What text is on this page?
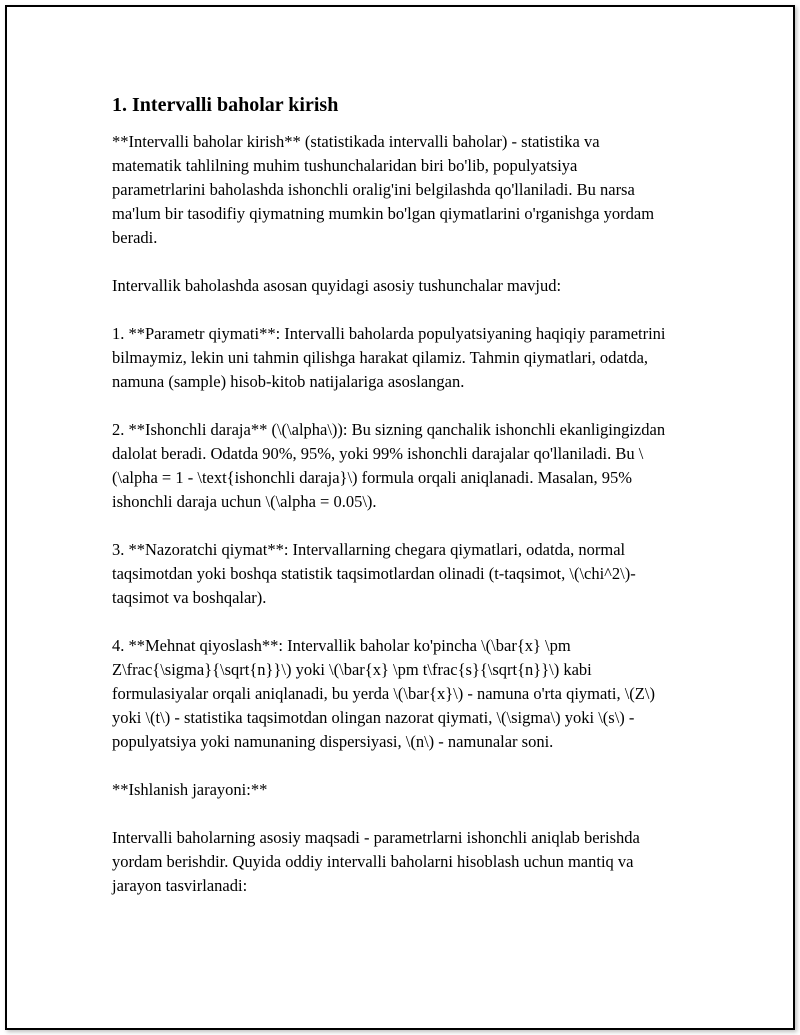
1. Intervalli baholar kirish

**Intervalli baholar kirish** (statistikada intervalli baholar) - statistika va matematik tahlilning muhim tushunchalaridan biri bo'lib, populyatsiya parametrlarini baholashda ishonchli oralig'ini belgilashda qo'llaniladi. Bu narsa ma'lum bir tasodifiy qiymatning mumkin bo'lgan qiymatlarini o'rganishga yordam beradi.

Intervallik baholashda asosan quyidagi asosiy tushunchalar mavjud:

1. **Parametr qiymati**: Intervalli baholarda populyatsiyaning haqiqiy parametrini bilmaymiz, lekin uni tahmin qilishga harakat qilamiz. Tahmin qiymatlari, odatda, namuna (sample) hisob-kitob natijalariga asoslangan.

2. **Ishonchli daraja** (\(\alpha\)): Bu sizning qanchalik ishonchli ekanligingizdan dalolat beradi. Odatda 90%, 95%, yoki 99% ishonchli darajalar qo'llaniladi. Bu \(\alpha = 1 - \text{ishonchli daraja}\) formula orqali aniqlanadi. Masalan, 95% ishonchli daraja uchun \(\alpha = 0.05\).

3. **Nazoratchi qiymat**: Intervallarning chegara qiymatlari, odatda, normal taqsimotdan yoki boshqa statistik taqsimotlardan olinadi (t-taqsimot, \(\chi^2\)-taqsimot va boshqalar).

4. **Mehnat qiyoslash**: Intervallik baholar ko'pincha \(\bar{x} \pm Z\frac{\sigma}{\sqrt{n}}\) yoki \(\bar{x} \pm t\frac{s}{\sqrt{n}}\) kabi formulasiyalar orqali aniqlanadi, bu yerda \(\bar{x}\) - namuna o'rta qiymati, \(Z\) yoki \(t\) - statistika taqsimotdan olingan nazorat qiymati, \(\sigma\) yoki \(s\) - populyatsiya yoki namunaning dispersiyasi, \(n\) - namunalar soni.

**Ishlanish jarayoni:**

Intervalli baholarning asosiy maqsadi - parametrlarni ishonchli aniqlab berishda yordam berishdir. Quyida oddiy intervalli baholarni hisoblash uchun mantiq va jarayon tasvirlanadi:
